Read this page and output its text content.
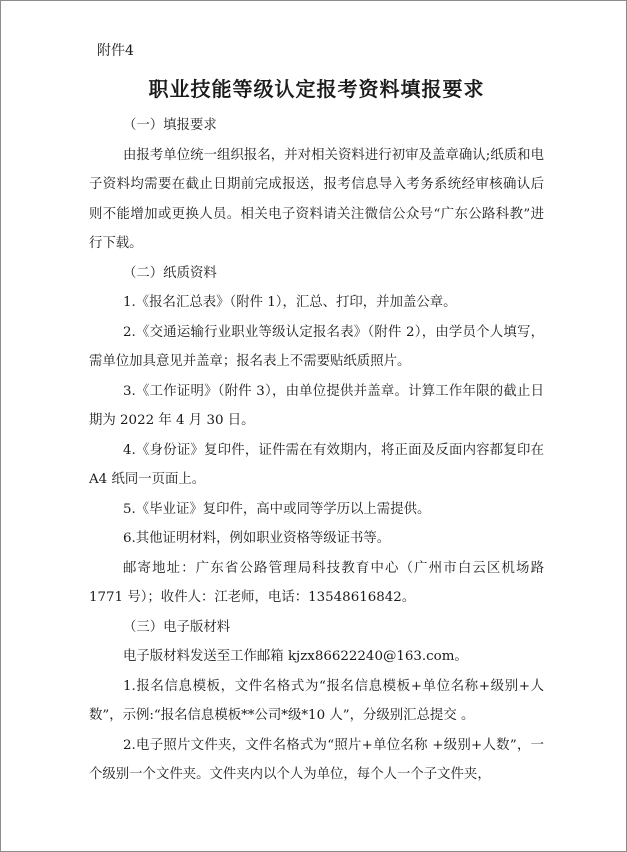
附件4
职业技能等级认定报考资料填报要求

（一）填报要求

由报考单位统一组织报名，并对相关资料进行初审及盖章确认;纸质和电子资料均需要在截止日期前完成报送，报考信息导入考务系统经审核确认后则不能增加或更换人员。相关电子资料请关注微信公众号“广东公路科教”进行下载。

（二）纸质资料

1.《报名汇总表》（附件 1），汇总、打印，并加盖公章。

2.《交通运输行业职业等级认定报名表》（附件 2），由学员个人填写，需单位加具意见并盖章；报名表上不需要贴纸质照片。

3.《工作证明》（附件 3），由单位提供并盖章。计算工作年限的截止日期为 2022 年 4 月 30 日。

4.《身份证》复印件，证件需在有效期内，将正面及反面内容都复印在 A4 纸同一页面上。

5.《毕业证》复印件，高中或同等学历以上需提供。

6.其他证明材料，例如职业资格等级证书等。

邮寄地址：广东省公路管理局科技教育中心（广州市白云区机场路 1771 号）；收件人：江老师，电话：13548616842。

（三）电子版材料

电子版材料发送至工作邮箱 kjzx86622240@163.com。

1.报名信息模板，文件名格式为“报名信息模板+单位名称+级别+人数”，示例:“报名信息模板**公司*级*10 人”，分级别汇总提交 。

2.电子照片文件夹，文件名格式为“照片+单位名称 +级别+人数”，一个级别一个文件夹。文件夹内以个人为单位，每个人一个子文件夹，
